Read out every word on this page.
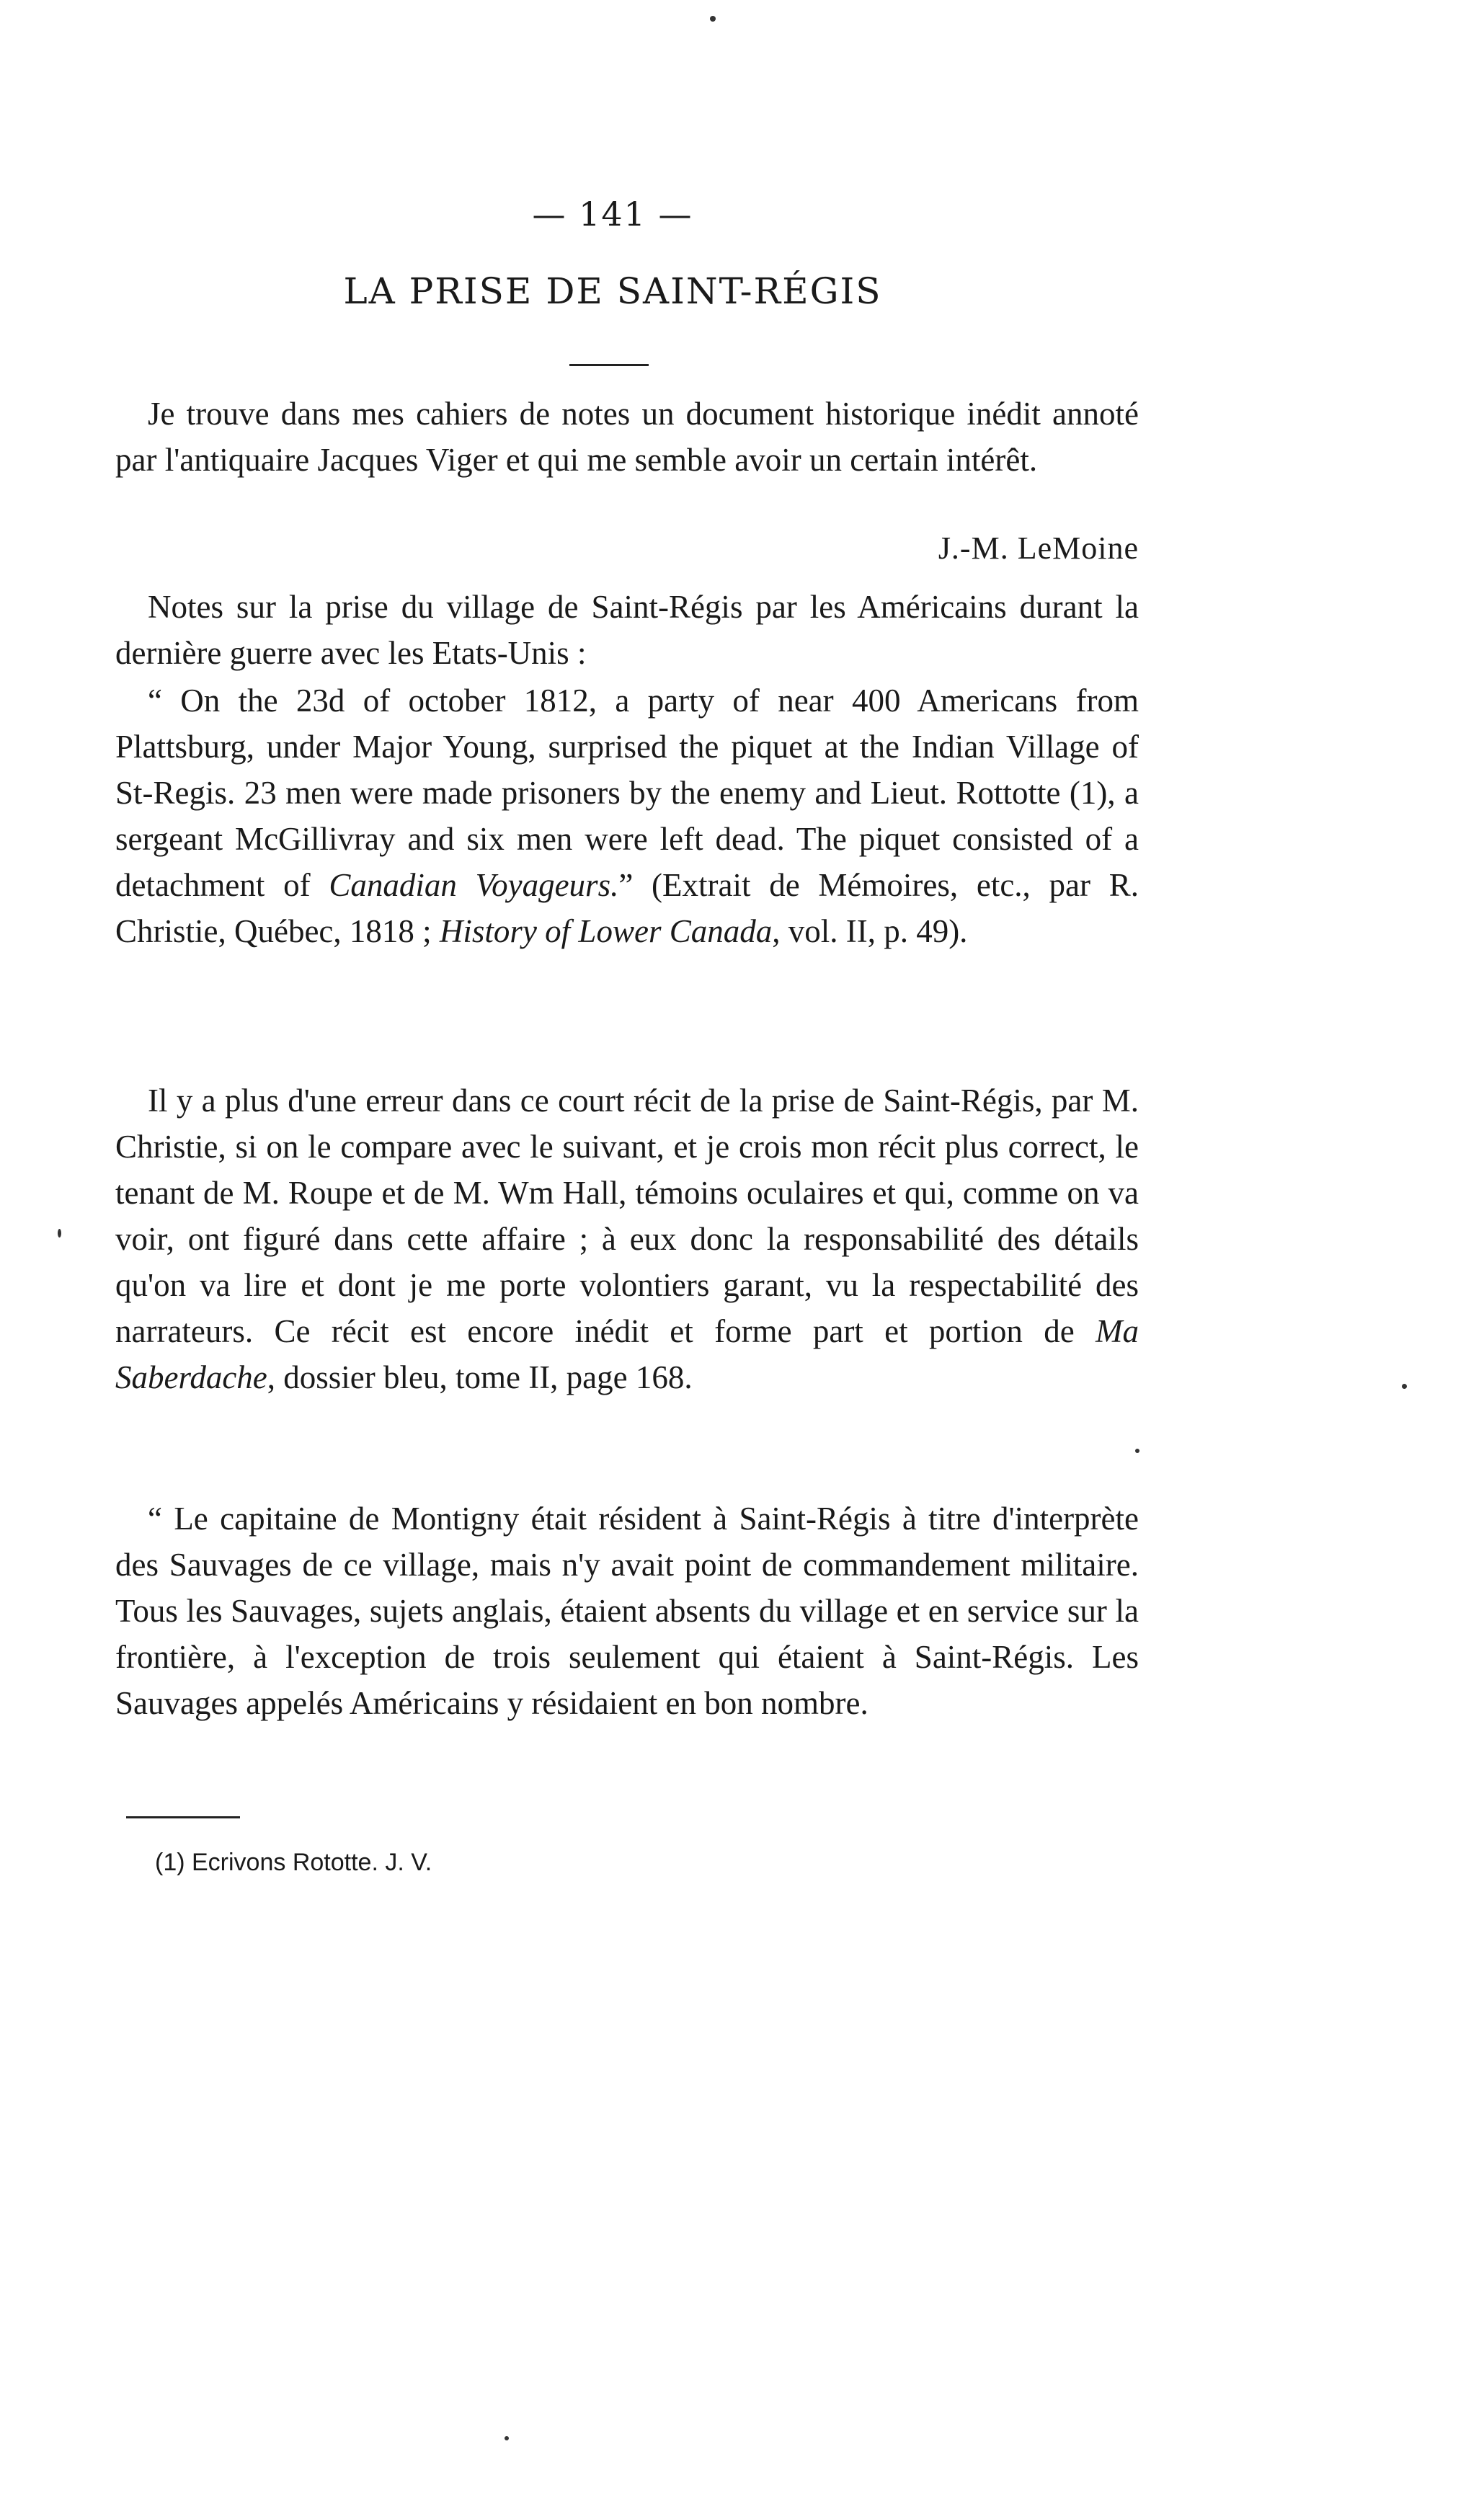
— 141 —
LA PRISE DE SAINT-RÉGIS

Je trouve dans mes cahiers de notes un document historique inédit annoté par l'antiquaire Jacques Viger et qui me semble avoir un certain intérêt.

J.-M. LeMoine

Notes sur la prise du village de Saint-Régis par les Américains durant la dernière guerre avec les Etats-Unis :

“ On the 23d of october 1812, a party of near 400 Americans from Plattsburg, under Major Young, surprised the piquet at the Indian Village of St-Regis. 23 men were made prisoners by the enemy and Lieut. Rottotte (1), a sergeant McGillivray and six men were left dead. The piquet consisted of a detachment of Canadian Voyageurs.” (Extrait de Mémoires, etc., par R. Christie, Québec, 1818 ; History of Lower Canada, vol. II, p. 49).

Il y a plus d'une erreur dans ce court récit de la prise de Saint-Régis, par M. Christie, si on le compare avec le suivant, et je crois mon récit plus correct, le tenant de M. Roupe et de M. Wm Hall, témoins oculaires et qui, comme on va voir, ont figuré dans cette affaire ; à eux donc la responsabilité des détails qu'on va lire et dont je me porte volontiers garant, vu la respectabilité des narrateurs. Ce récit est encore inédit et forme part et portion de Ma Saberdache, dossier bleu, tome II, page 168.

“ Le capitaine de Montigny était résident à Saint-Régis à titre d'interprète des Sauvages de ce village, mais n'y avait point de commandement militaire. Tous les Sauvages, sujets anglais, étaient absents du village et en service sur la frontière, à l'exception de trois seulement qui étaient à Saint-Régis. Les Sauvages appelés Américains y résidaient en bon nombre.

(1) Ecrivons Rototte. J. V.
